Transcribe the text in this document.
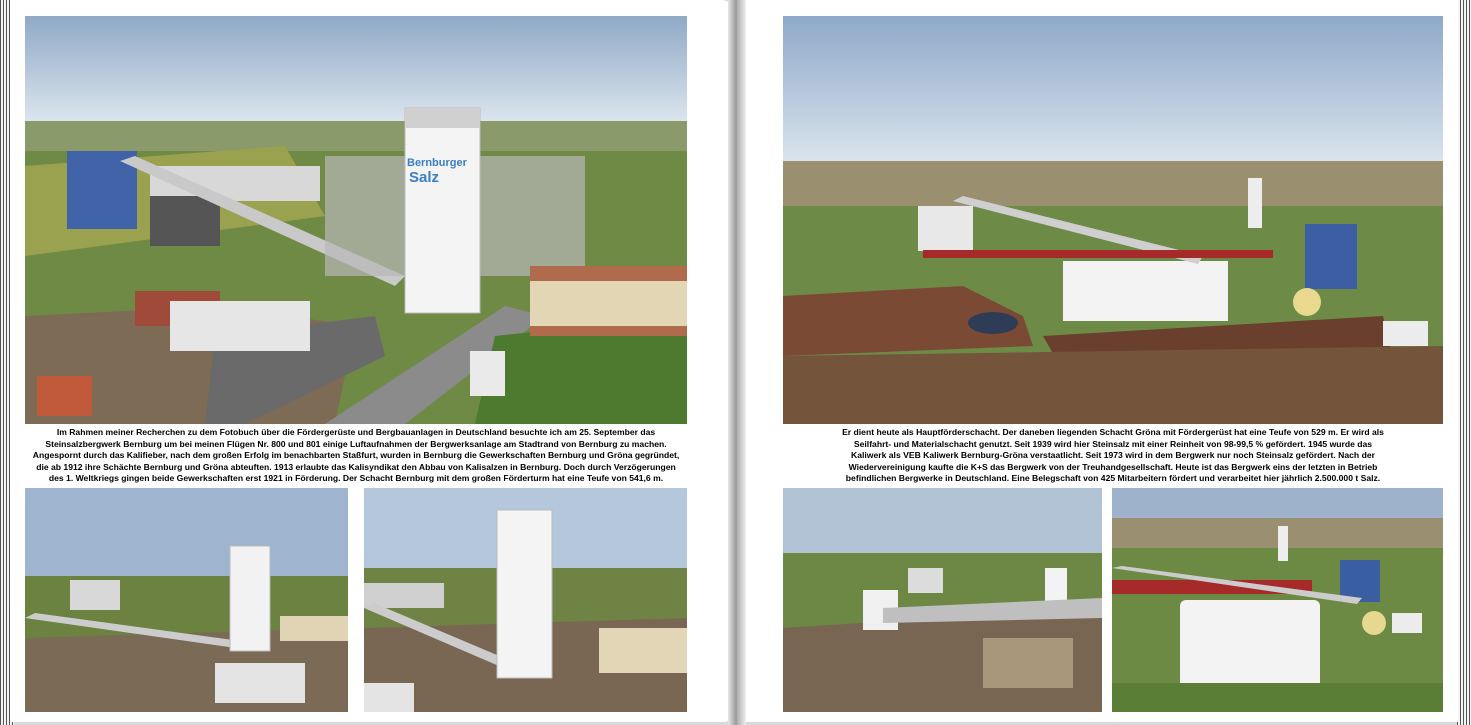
Bernburger
Salz
Im Rahmen meiner Recherchen zu dem Fotobuch über die Fördergerüste und Bergbauanlagen in Deutschland besuchte ich am 25. September das
Steinsalzbergwerk Bernburg um bei meinen Flügen Nr. 800 und 801 einige Luftaufnahmen der Bergwerksanlage am Stadtrand von Bernburg zu machen.
Angespornt durch das Kalifieber, nach dem großen Erfolg im benachbarten Staßfurt, wurden in Bernburg die Gewerkschaften Bernburg und Gröna gegründet,
die ab 1912 ihre Schächte Bernburg und Gröna abteuften. 1913 erlaubte das Kalisyndikat den Abbau von Kalisalzen in Bernburg. Doch durch Verzögerungen
des 1. Weltkriegs gingen beide Gewerkschaften erst 1921 in Förderung. Der Schacht Bernburg mit dem großen Förderturm hat eine Teufe von 541,6 m.
Er dient heute als Hauptförderschacht. Der daneben liegenden Schacht Gröna mit Fördergerüst hat eine Teufe von 529 m. Er wird als
Seilfahrt- und Materialschacht genutzt. Seit 1939 wird hier Steinsalz mit einer Reinheit von 98-99,5 % gefördert. 1945 wurde das
Kaliwerk als VEB Kaliwerk Bernburg-Gröna verstaatlicht. Seit 1973 wird in dem Bergwerk nur noch Steinsalz gefördert. Nach der
Wiedervereinigung kaufte die K+S das Bergwerk von der Treuhandgesellschaft. Heute ist das Bergwerk eins der letzten in Betrieb
befindlichen Bergwerke in Deutschland. Eine Belegschaft von 425 Mitarbeitern fördert und verarbeitet hier jährlich 2.500.000 t Salz.
